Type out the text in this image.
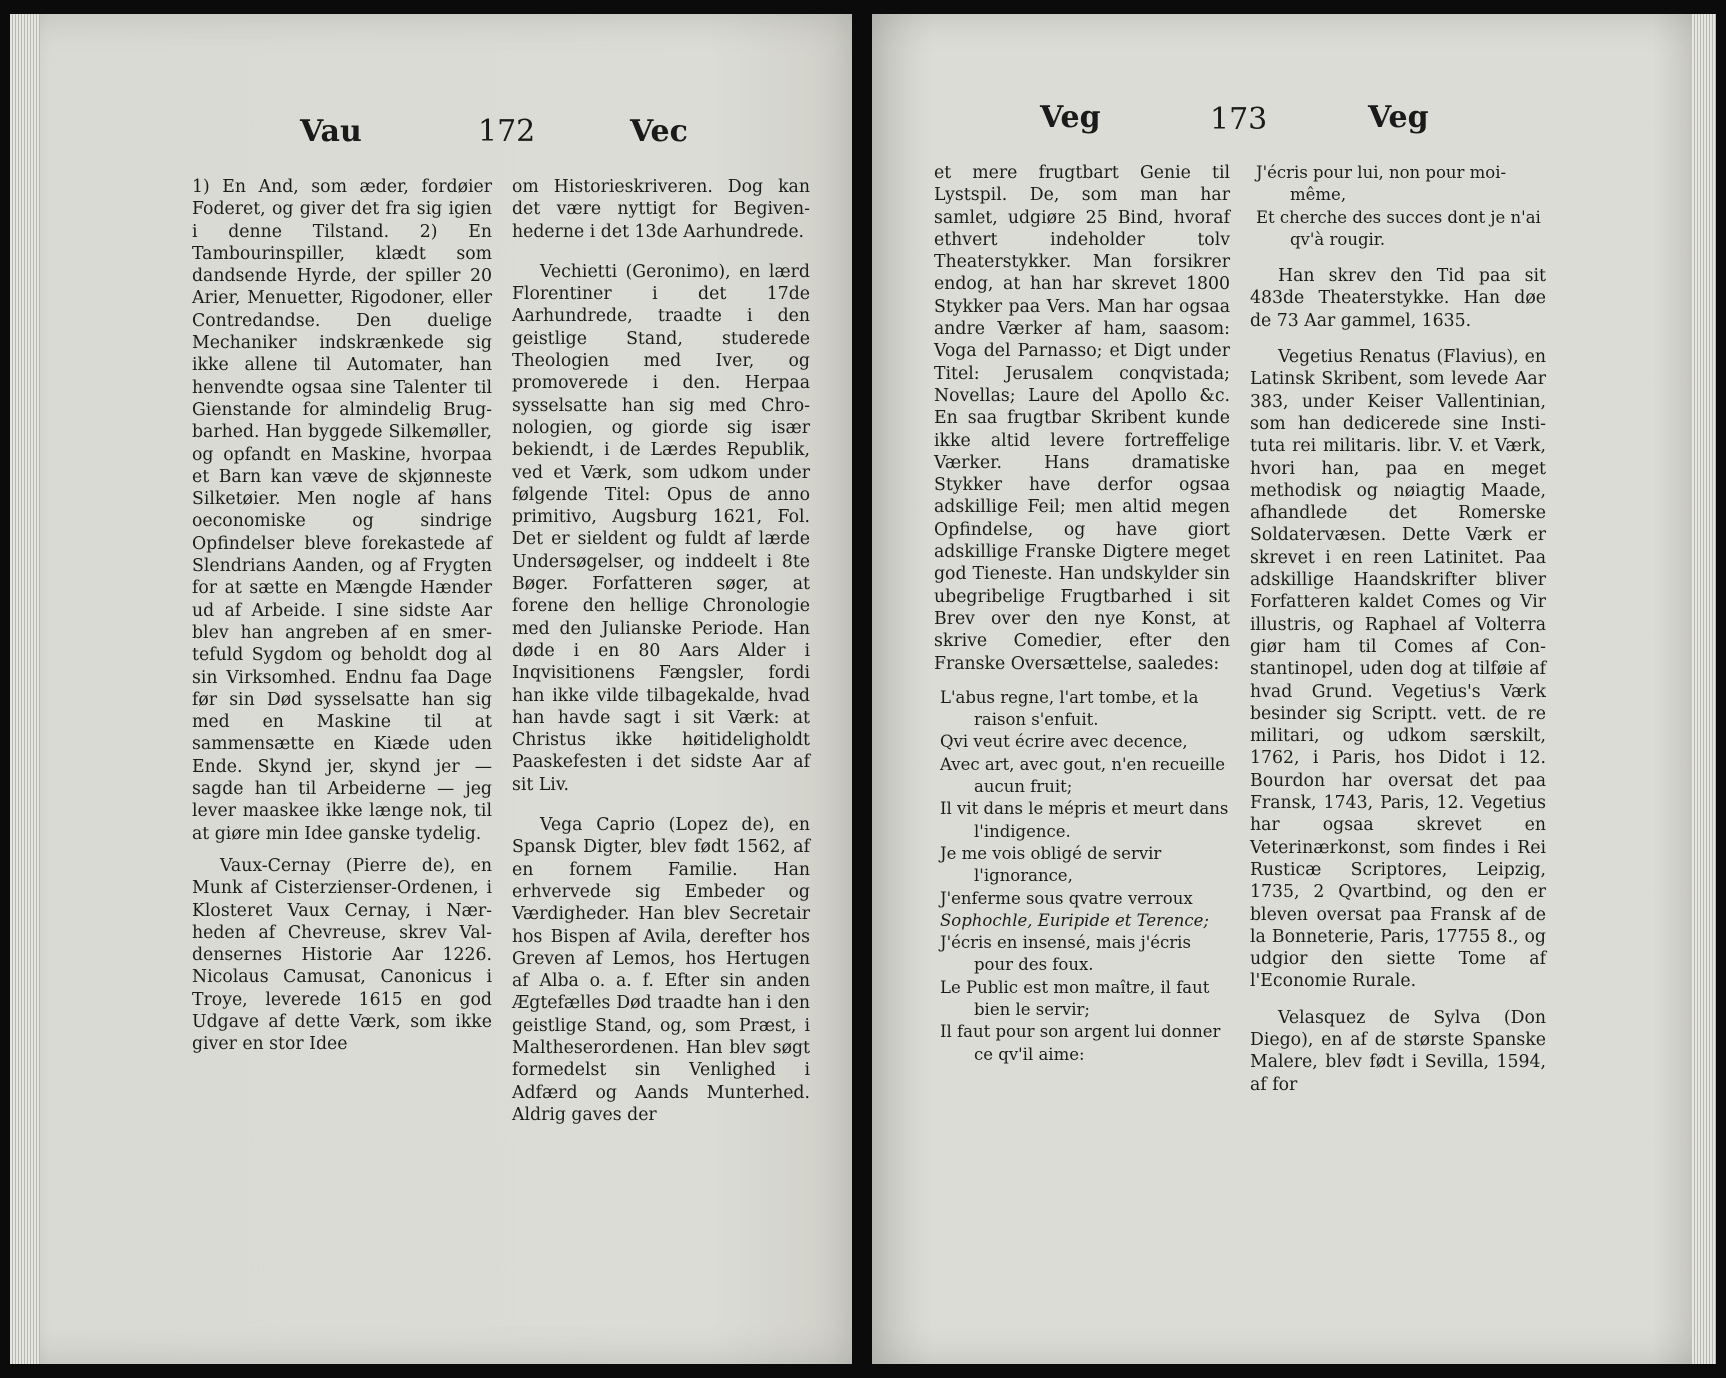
Vau	172	Vec

1) En And, som æder, fordøier Foderet, og giver det fra sig igien i denne Tilstand. 2) En Tambourinspiller, klædt som dandsende Hyrde, der spiller 20 Arier, Menuetter, Rigodoner, eller Contredandse. Den duelige Mechaniker indskrænkede sig ikke allene til Automater, han henvendte ogsaa sine Talenter til Gienstande for almindelig Brugbarhed. Han byggede Silkemøller, og opfandt en Maskine, hvorpaa et Barn kan væve de skjønneste Silketøier. Men nogle af hans oeconomiske og sindrige Opfindelser bleve forekastede af Slendrians Aanden, og af Frygten for at sætte en Mængde Hænder ud af Arbeide. I sine sidste Aar blev han angreben af en smertefuld Sygdom og beholdt dog al sin Virksomhed. Endnu faa Dage før sin Død sysselsatte han sig med en Maskine til at sammensætte en Kiæde uden Ende. Skynd jer, skynd jer — sagde han til Arbeiderne — jeg lever maaskee ikke længe nok, til at giøre min Idee ganske tydelig.

Vaux-Cernay (Pierre de), en Munk af Cisterzienser-Ordenen, i Klosteret Vaux Cernay, i Nærheden af Chevreuse, skrev Valdensernes Historie Aar 1226. Nicolaus Camusat, Canonicus i Troye, leverede 1615 en god Udgave af dette Værk, som ikke giver en stor Idee

om Historieskriveren. Dog kan det være nyttigt for Begivenhederne i det 13de Aarhundrede.

Vechietti (Geronimo), en lærd Florentiner i det 17de Aarhundrede, traadte i den geistlige Stand, studerede Theologien med Iver, og promoverede i den. Herpaa sysselsatte han sig med Chronologien, og giorde sig især bekiendt, i de Lærdes Republik, ved et Værk, som udkom under følgende Titel: Opus de anno primitivo, Augsburg 1621, Fol. Det er sieldent og fuldt af lærde Undersøgelser, og inddeelt i 8te Bøger. Forfatteren søger, at forene den hellige Chronologie med den Julianske Periode. Han døde i en 80 Aars Alder i Inqvisitionens Fængsler, fordi han ikke vilde tilbagekalde, hvad han havde sagt i sit Værk: at Christus ikke høitideligholdt Paaskefesten i det sidste Aar af sit Liv.

Vega Caprio (Lopez de), en Spansk Digter, blev født 1562, af en fornem Familie. Han erhvervede sig Embeder og Værdigheder. Han blev Secretair hos Bispen af Avila, derefter hos Greven af Lemos, hos Hertugen af Alba o. a. f. Efter sin anden Ægtefælles Død traadte han i den geistlige Stand, og, som Præst, i Maltheserordenen. Han blev søgt formedelst sin Venlighed i Adfærd og Aands Munterhed. Aldrig gaves der

Veg	173	Veg

et mere frugtbart Genie til Lystspil. De, som man har samlet, udgiøre 25 Bind, hvoraf ethvert indeholder tolv Theaterstykker. Man forsikrer endog, at han har skrevet 1800 Stykker paa Vers. Man har ogsaa andre Værker af ham, saasom: Voga del Parnasso; et Digt under Titel: Jerusalem conqvistada; Novellas; Laure del Apollo &c. En saa frugtbar Skribent kunde ikke altid levere fortreffelige Værker. Hans dramatiske Stykker have derfor ogsaa adskillige Feil; men altid megen Opfindelse, og have giort adskillige Franske Digtere meget god Tieneste. Han undskylder sin ubegribelige Frugtbarhed i sit Brev over den nye Konst, at skrive Comedier, efter den Franske Oversættelse, saaledes:

L'abus regne, l'art tombe, et la raison s'enfuit.

Qvi veut écrire avec decence,

Avec art, avec gout, n'en recueille aucun fruit;

Il vit dans le mépris et meurt dans l'indigence.

Je me vois obligé de servir l'ignorance,

J'enferme sous qvatre verroux

Sophochle, Euripide et Terence;

J'écris en insensé, mais j'écris pour des foux.

Le Public est mon maître, il faut bien le servir;

Il faut pour son argent lui donner ce qv'il aime:

J'écris pour lui, non pour moi-même,

Et cherche des succes dont je n'ai qv'à rougir.

Han skrev den Tid paa sit 483de Theaterstykke. Han døe de 73 Aar gammel, 1635.

Vegetius Renatus (Flavius), en Latinsk Skribent, som levede Aar 383, under Keiser Vallentinian, som han dedicerede sine Instituta rei militaris. libr. V. et Værk, hvori han, paa en meget methodisk og nøiagtig Maade, afhandlede det Romerske Soldatervæsen. Dette Værk er skrevet i en reen Latinitet. Paa adskillige Haandskrifter bliver Forfatteren kaldet Comes og Vir illustris, og Raphael af Volterra giør ham til Comes af Constantinopel, uden dog at tilføie af hvad Grund. Vegetius's Værk besinder sig Scriptt. vett. de re militari, og udkom særskilt, 1762, i Paris, hos Didot i 12. Bourdon har oversat det paa Fransk, 1743, Paris, 12. Vegetius har ogsaa skrevet en Veterinærkonst, som findes i Rei Rusticæ Scriptores, Leipzig, 1735, 2 Qvartbind, og den er bleven oversat paa Fransk af de la Bonneterie, Paris, 17755 8., og udgior den siette Tome af l'Economie Rurale.

Velasquez de Sylva (Don Diego), en af de største Spanske Malere, blev født i Sevilla, 1594, af for
